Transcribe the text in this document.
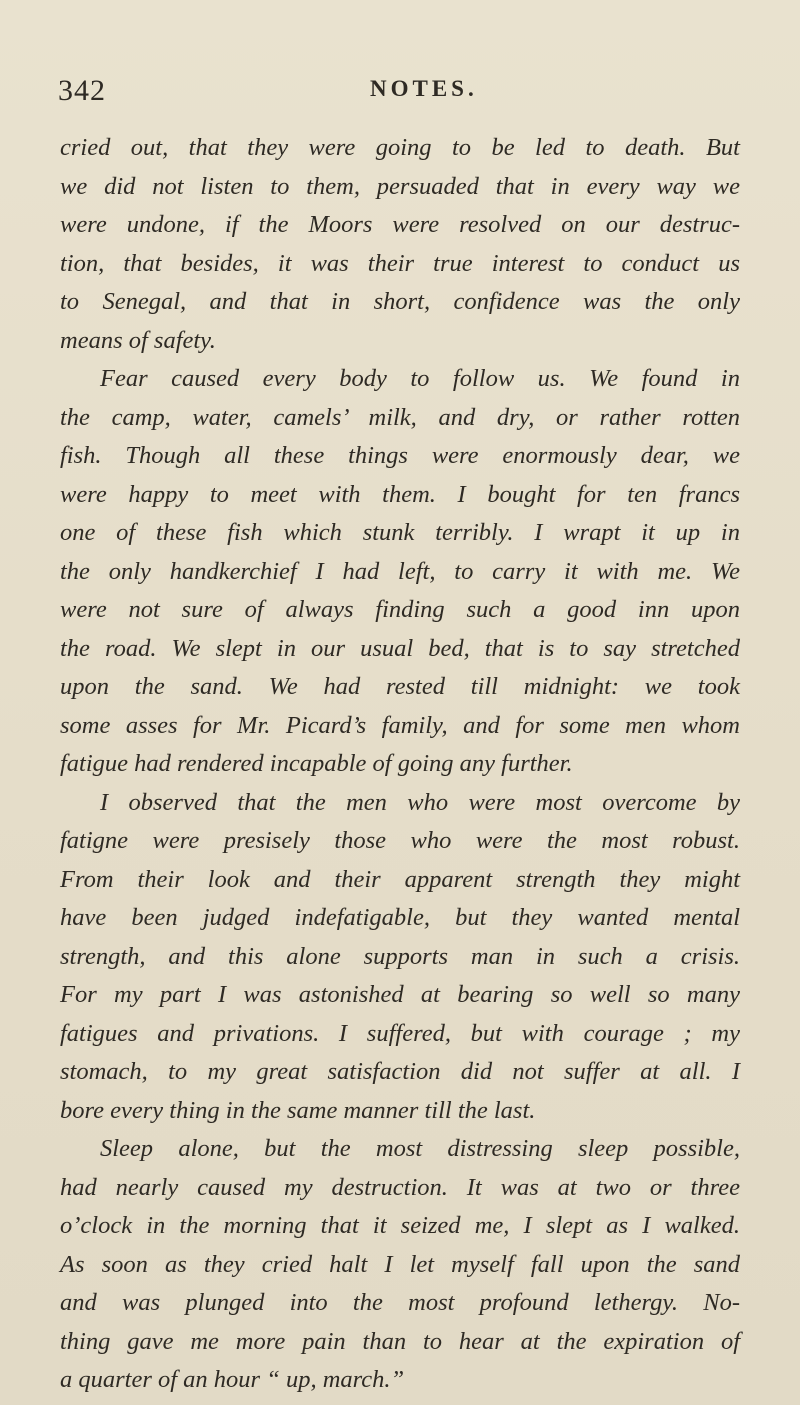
342	NOTES.
cried out, that they were going to be led to death. But
we did not listen to them, persuaded that in every way we
were undone, if the Moors were resolved on our destruc-
tion, that besides, it was their true interest to conduct us
to Senegal, and that in short, confidence was the only
means of safety.
Fear caused every body to follow us. We found in
the camp, water, camels’ milk, and dry, or rather rotten
fish. Though all these things were enormously dear, we
were happy to meet with them. I bought for ten francs
one of these fish which stunk terribly. I wrapt it up in
the only handkerchief I had left, to carry it with me. We
were not sure of always finding such a good inn upon
the road. We slept in our usual bed, that is to say stretched
upon the sand. We had rested till midnight: we took
some asses for Mr. Picard’s family, and for some men whom
fatigue had rendered incapable of going any further.
I observed that the men who were most overcome by
fatigne were presisely those who were the most robust.
From their look and their apparent strength they might
have been judged indefatigable, but they wanted mental
strength, and this alone supports man in such a crisis.
For my part I was astonished at bearing so well so many
fatigues and privations. I suffered, but with courage ; my
stomach, to my great satisfaction did not suffer at all. I
bore every thing in the same manner till the last.
Sleep alone, but the most distressing sleep possible,
had nearly caused my destruction. It was at two or three
o’clock in the morning that it seized me, I slept as I walked.
As soon as they cried halt I let myself fall upon the sand
and was plunged into the most profound lethergy. No-
thing gave me more pain than to hear at the expiration of
a quarter of an hour “ up, march.”
